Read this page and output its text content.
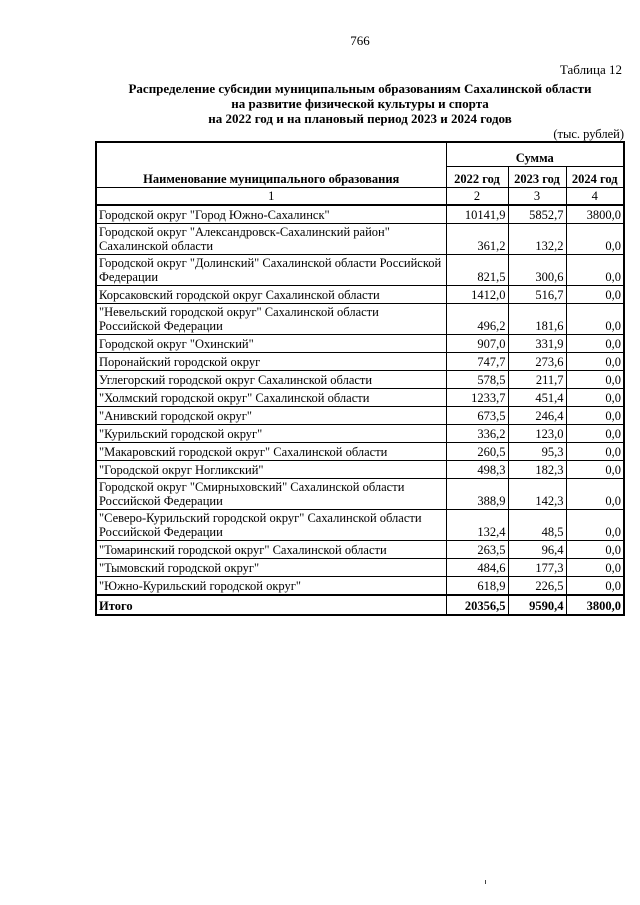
766
Таблица 12
Распределение субсидии муниципальным образованиям Сахалинской области
на развитие физической культуры и спорта
на 2022 год и на плановый период 2023 и 2024 годов
(тыс. рублей)
Наименование муниципального образования	Сумма		
	2022 год	2023 год	2024 год
1	2	3	4
Городской округ "Город Южно-Сахалинск"	10141,9	5852,7	3800,0
Городской округ "Александровск-Сахалинский район" Сахалинской области	361,2	132,2	0,0
Городской округ "Долинский" Сахалинской области Российской Федерации	821,5	300,6	0,0
Корсаковский городской округ Сахалинской области	1412,0	516,7	0,0
"Невельский городской округ" Сахалинской области Российской Федерации	496,2	181,6	0,0
Городской округ "Охинский"	907,0	331,9	0,0
Поронайский городской округ	747,7	273,6	0,0
Углегорский городской округ Сахалинской области	578,5	211,7	0,0
"Холмский городской округ" Сахалинской области	1233,7	451,4	0,0
"Анивский городской округ"	673,5	246,4	0,0
"Курильский городской округ"	336,2	123,0	0,0
"Макаровский городской округ" Сахалинской области	260,5	95,3	0,0
"Городской округ Ногликский"	498,3	182,3	0,0
Городской округ "Смирныховский" Сахалинской области Российской Федерации	388,9	142,3	0,0
"Северо-Курильский городской округ" Сахалинской области Российской Федерации	132,4	48,5	0,0
"Томаринский городской округ" Сахалинской области	263,5	96,4	0,0
"Тымовский городской округ"	484,6	177,3	0,0
"Южно-Курильский городской округ"	618,9	226,5	0,0
Итого	20356,5	9590,4	3800,0
